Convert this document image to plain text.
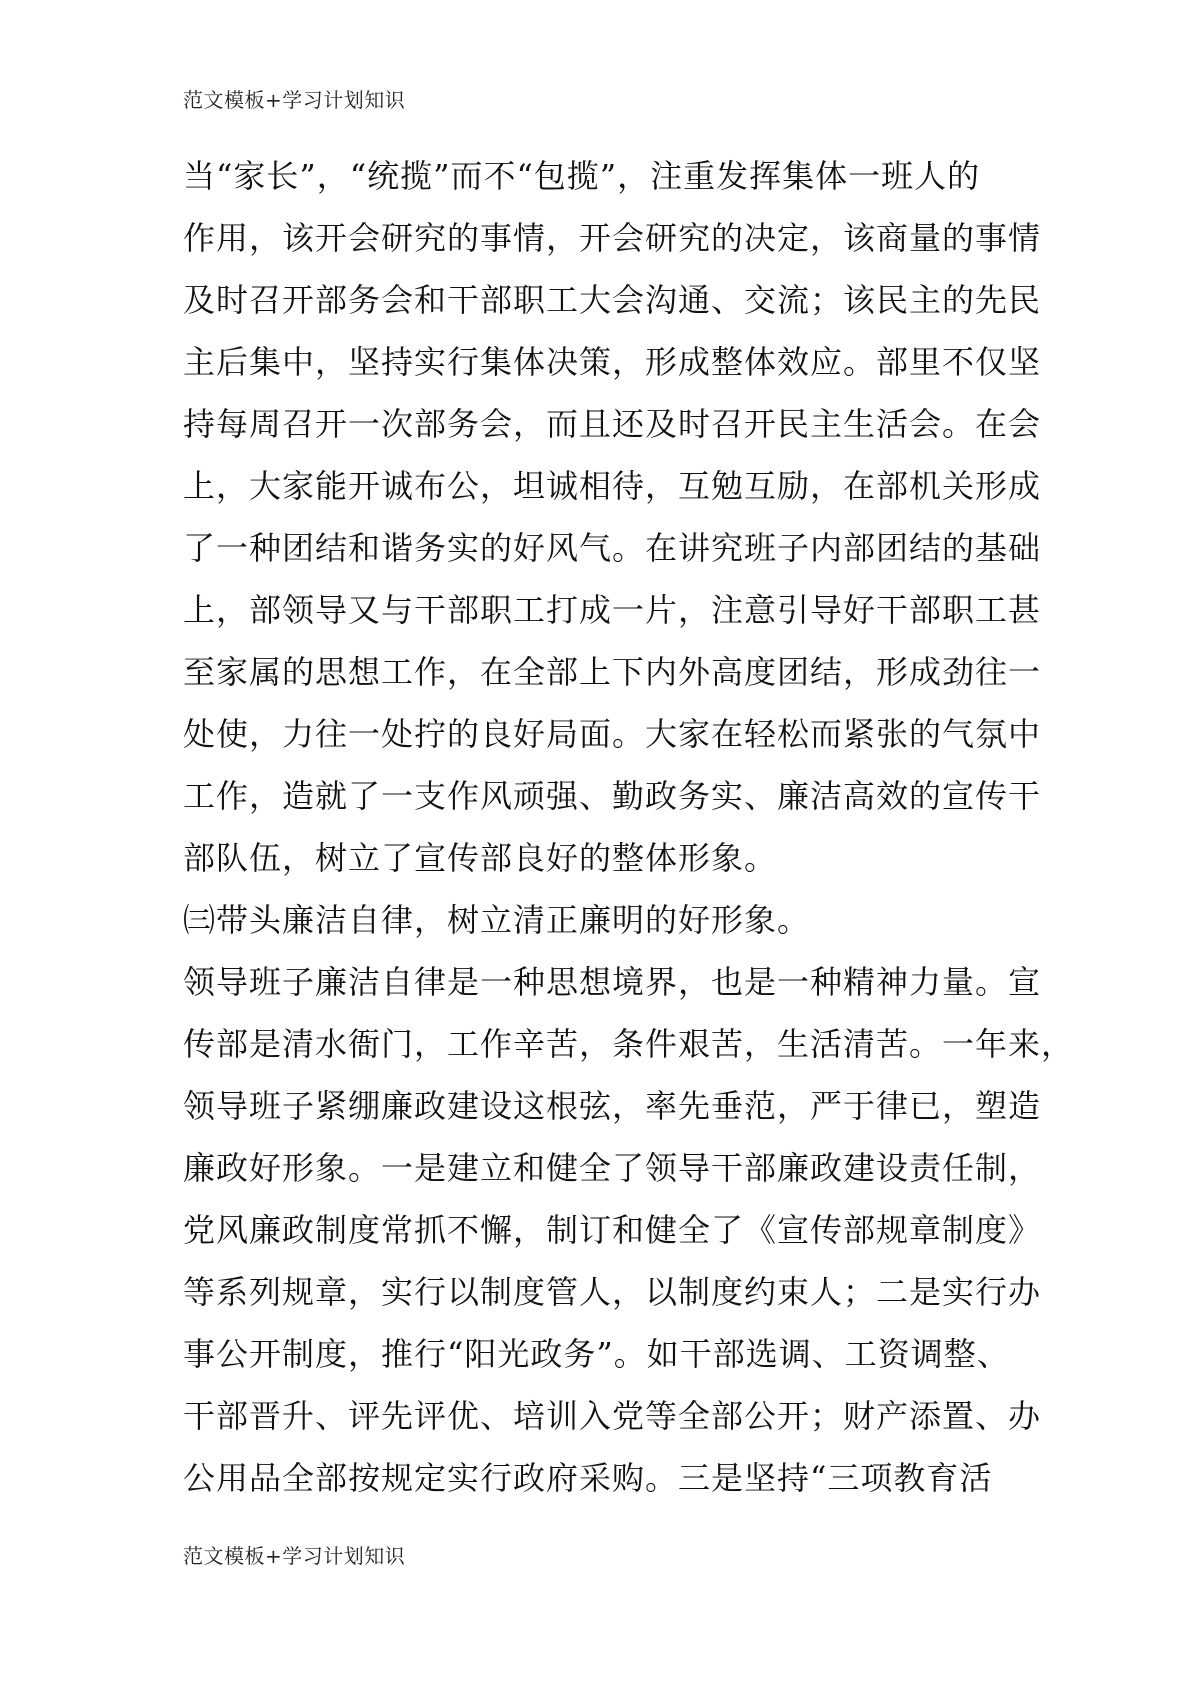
范文模板+学习计划知识
当“家长”，“统揽”而不“包揽”，注重发挥集体一班人的
作用，该开会研究的事情，开会研究的决定，该商量的事情
及时召开部务会和干部职工大会沟通、交流；该民主的先民
主后集中，坚持实行集体决策，形成整体效应。部里不仅坚
持每周召开一次部务会，而且还及时召开民主生活会。在会
上，大家能开诚布公，坦诚相待，互勉互励，在部机关形成
了一种团结和谐务实的好风气。在讲究班子内部团结的基础
上，部领导又与干部职工打成一片，注意引导好干部职工甚
至家属的思想工作，在全部上下内外高度团结，形成劲往一
处使，力往一处拧的良好局面。大家在轻松而紧张的气氛中
工作，造就了一支作风顽强、勤政务实、廉洁高效的宣传干
部队伍，树立了宣传部良好的整体形象。
㈢带头廉洁自律，树立清正廉明的好形象。
领导班子廉洁自律是一种思想境界，也是一种精神力量。宣
传部是清水衙门，工作辛苦，条件艰苦，生活清苦。一年来，
领导班子紧绷廉政建设这根弦，率先垂范，严于律已，塑造
廉政好形象。一是建立和健全了领导干部廉政建设责任制，
党风廉政制度常抓不懈，制订和健全了《宣传部规章制度》
等系列规章，实行以制度管人，以制度约束人；二是实行办
事公开制度，推行“阳光政务”。如干部选调、工资调整、
干部晋升、评先评优、培训入党等全部公开；财产添置、办
公用品全部按规定实行政府采购。三是坚持“三项教育活
范文模板+学习计划知识
